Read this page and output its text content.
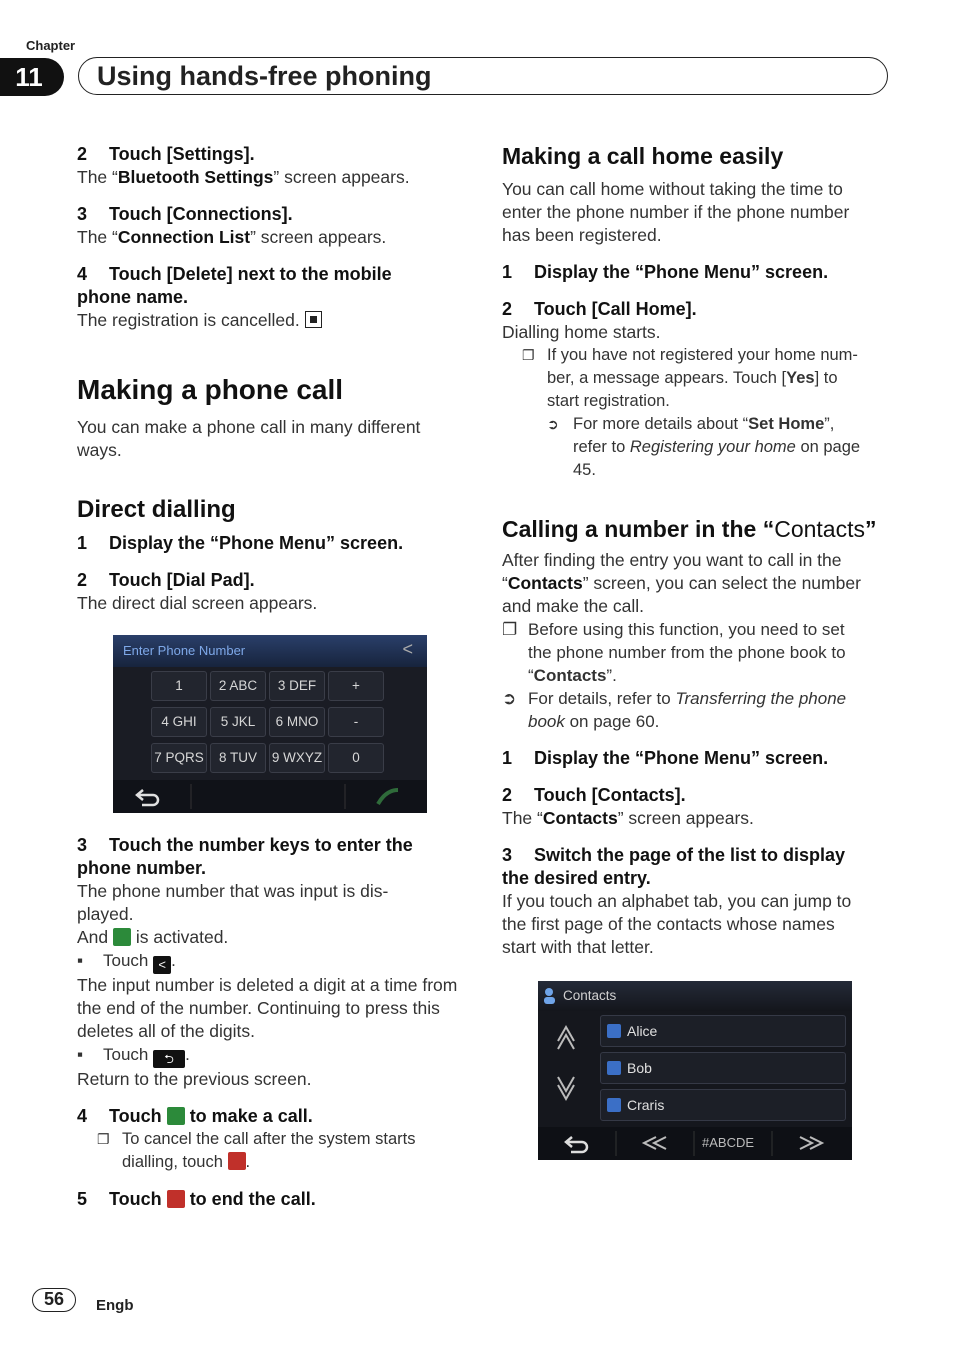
Chapter
11	Using hands-free phoning

2 Touch [Settings].

The “Bluetooth Settings” screen appears.

3 Touch [Connections].

The “Connection List” screen appears.

4 Touch [Delete] next to the mobile

phone name.

The registration is cancelled.

Making a phone call

You can make a phone call in many different

ways.

Direct dialling

1 Display the “Phone Menu” screen.

2 Touch [Dial Pad].

The direct dial screen appears.

Enter Phone Number	<
1	2 ABC	3 DEF	+
4 GHI	5 JKL	6 MNO	-
7 PQRS	8 TUV	9 WXYZ	0

3 Touch the number keys to enter the

phone number.

The phone number that was input is dis-

played.

And is activated.

▪ Touch < .

The input number is deleted a digit at a time from

the end of the number. Continuing to press this

deletes all of the digits.

▪ Touch ⮌ .

Return to the previous screen.

4 Touch to make a call.

❐ To cancel the call after the system starts

dialling, touch .

5 Touch to end the call.

Making a call home easily

You can call home without taking the time to

enter the phone number if the phone number

has been registered.

1 Display the “Phone Menu” screen.

2 Touch [Call Home].

Dialling home starts.

❐ If you have not registered your home num-

ber, a message appears. Touch [Yes] to

start registration.

➲ For more details about “Set Home”,

refer to Registering your home on page

45.

Calling a number in the “Contacts”

After finding the entry you want to call in the

“Contacts” screen, you can select the number

and make the call.

❐ Before using this function, you need to set

the phone number from the phone book to

“Contacts”.

➲ For details, refer to Transferring the phone

book on page 60.

1 Display the “Phone Menu” screen.

2 Touch [Contacts].

The “Contacts” screen appears.

3 Switch the page of the list to display

the desired entry.

If you touch an alphabet tab, you can jump to

the first page of the contacts whose names

start with that letter.

Contacts
Alice
Bob
Craris
#ABCDE
56	Engb
